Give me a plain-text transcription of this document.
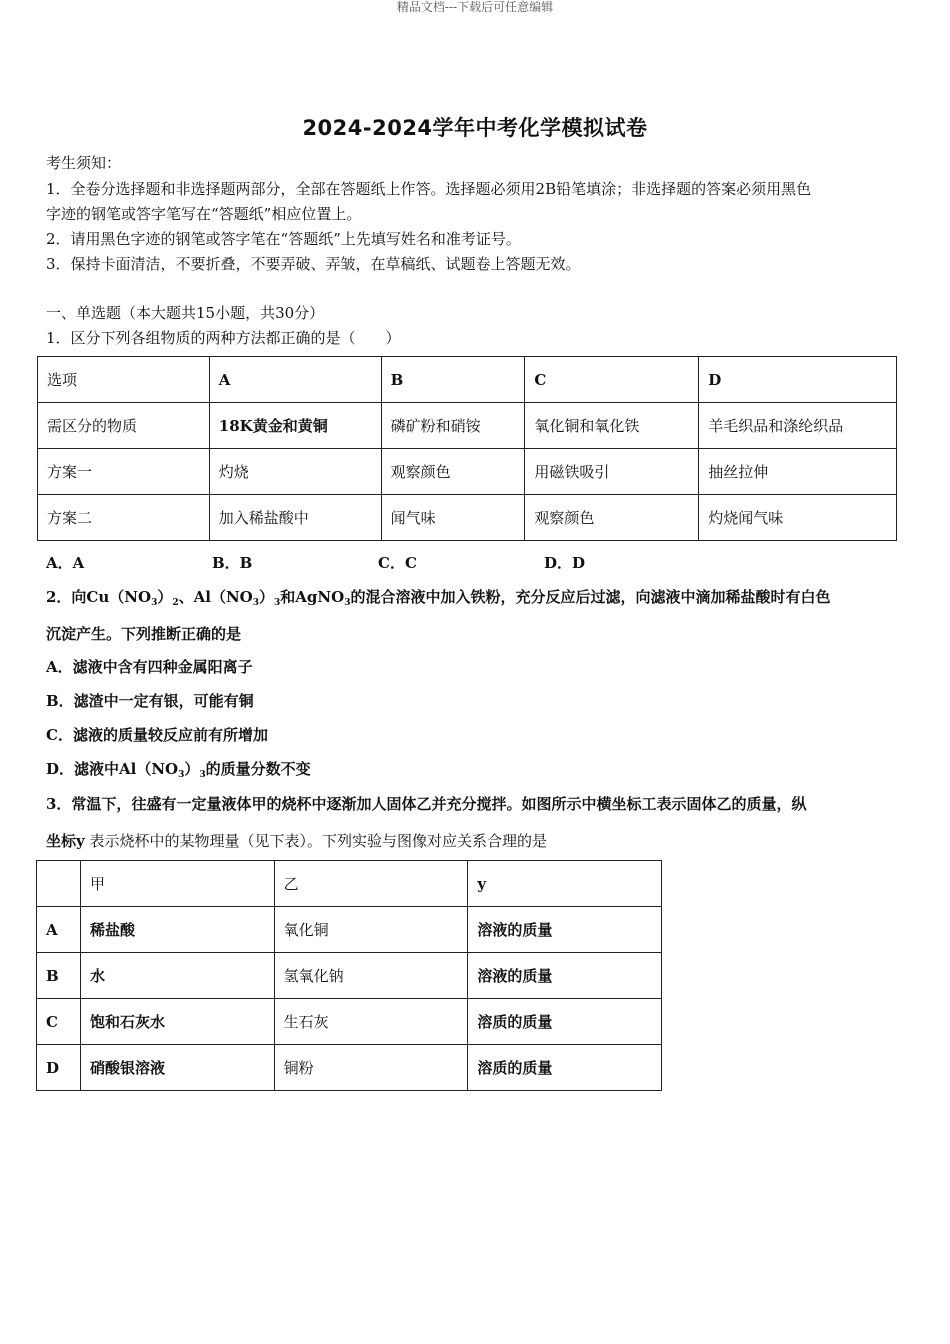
精品文档---下载后可任意编辑
2024-2024学年中考化学模拟试卷
考生须知：
1．全卷分选择题和非选择题两部分，全部在答题纸上作答。选择题必须用2B铅笔填涂；非选择题的答案必须用黑色
字迹的钢笔或答字笔写在“答题纸”相应位置上。
2．请用黑色字迹的钢笔或答字笔在“答题纸”上先填写姓名和准考证号。
3．保持卡面清洁，不要折叠，不要弄破、弄皱，在草稿纸、试题卷上答题无效。
一、单选题（本大题共15小题，共30分）
1．区分下列各组物质的两种方法都正确的是（　　）
选项	A	B	C	D
需区分的物质	18K黄金和黄铜	磷矿粉和硝铵	氧化铜和氧化铁	羊毛织品和涤纶织品
方案一	灼烧	观察颜色	用磁铁吸引	抽丝拉伸
方案二	加入稀盐酸中	闻气味	观察颜色	灼烧闻气味
A．A	B．B	C．C	D．D
2．向$Cu(NO_3)_2$、$Al(NO_3)_3$和AgNO$_3$的混合溶液中加入铁粉，充分反应后过滤，向滤液中滴加稀盐酸时有白色
沉淀产生。下列推断正确的是
A．滤液中含有四种金属阳离子
B．滤渣中一定有银，可能有铜
C．滤液的质量较反应前有所增加
D．滤液中$Al(NO_3)_3$的质量分数不变
3．常温下，往盛有一定量液体甲的烧杯中逐渐加人固体乙并充分搅拌。如图所示中横坐标工表示固体乙的质量，纵
坐标y 表示烧杯中的某物理量（见下表）。下列实验与图像对应关系合理的是
	甲	乙	y
A	稀盐酸	氧化铜	溶液的质量
B	水	氢氧化钠	溶液的质量
C	饱和石灰水	生石灰	溶质的质量
D	硝酸银溶液	铜粉	溶质的质量
